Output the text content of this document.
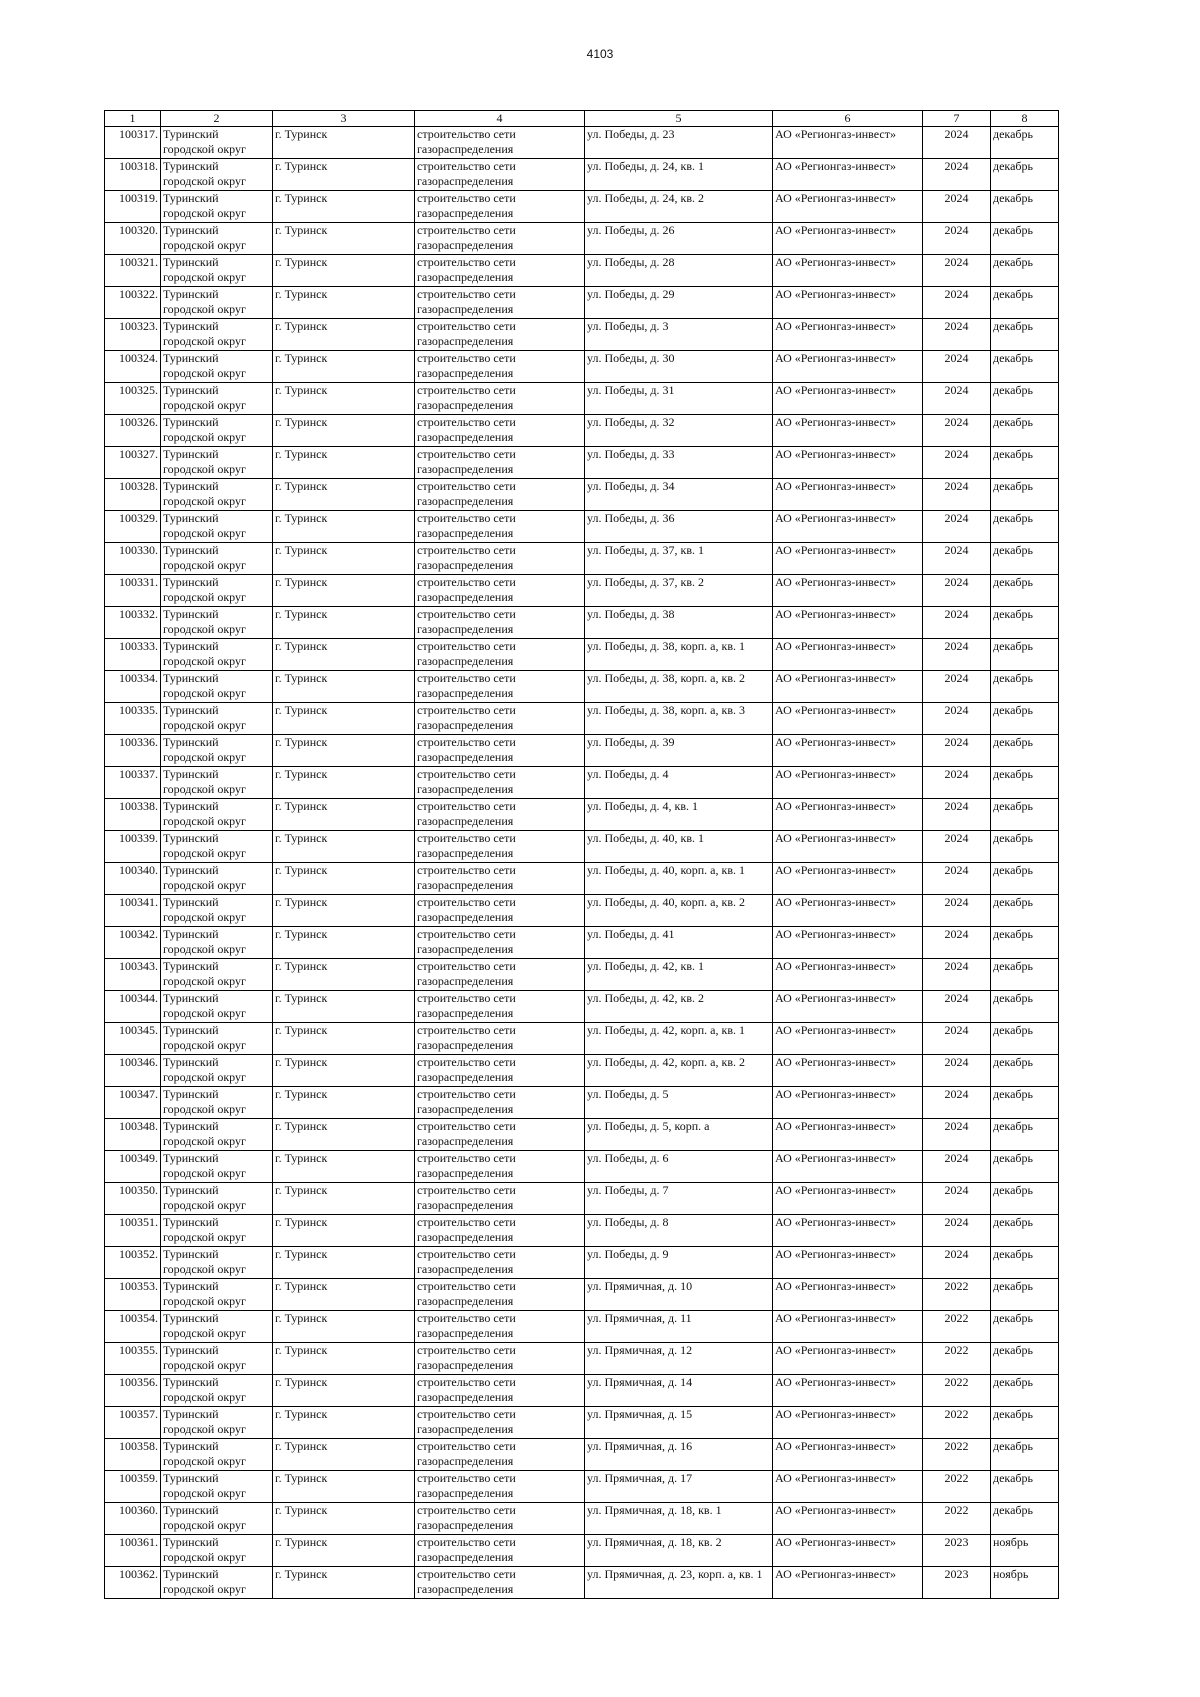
4103
1	2	3	4	5	6	7	8
100317.	Туринский городской округ	г. Туринск	строительство сети газораспределения	ул. Победы, д. 23	АО «Регионгаз-инвест»	2024	декабрь
100318.	Туринский городской округ	г. Туринск	строительство сети газораспределения	ул. Победы, д. 24, кв. 1	АО «Регионгаз-инвест»	2024	декабрь
100319.	Туринский городской округ	г. Туринск	строительство сети газораспределения	ул. Победы, д. 24, кв. 2	АО «Регионгаз-инвест»	2024	декабрь
100320.	Туринский городской округ	г. Туринск	строительство сети газораспределения	ул. Победы, д. 26	АО «Регионгаз-инвест»	2024	декабрь
100321.	Туринский городской округ	г. Туринск	строительство сети газораспределения	ул. Победы, д. 28	АО «Регионгаз-инвест»	2024	декабрь
100322.	Туринский городской округ	г. Туринск	строительство сети газораспределения	ул. Победы, д. 29	АО «Регионгаз-инвест»	2024	декабрь
100323.	Туринский городской округ	г. Туринск	строительство сети газораспределения	ул. Победы, д. 3	АО «Регионгаз-инвест»	2024	декабрь
100324.	Туринский городской округ	г. Туринск	строительство сети газораспределения	ул. Победы, д. 30	АО «Регионгаз-инвест»	2024	декабрь
100325.	Туринский городской округ	г. Туринск	строительство сети газораспределения	ул. Победы, д. 31	АО «Регионгаз-инвест»	2024	декабрь
100326.	Туринский городской округ	г. Туринск	строительство сети газораспределения	ул. Победы, д. 32	АО «Регионгаз-инвест»	2024	декабрь
100327.	Туринский городской округ	г. Туринск	строительство сети газораспределения	ул. Победы, д. 33	АО «Регионгаз-инвест»	2024	декабрь
100328.	Туринский городской округ	г. Туринск	строительство сети газораспределения	ул. Победы, д. 34	АО «Регионгаз-инвест»	2024	декабрь
100329.	Туринский городской округ	г. Туринск	строительство сети газораспределения	ул. Победы, д. 36	АО «Регионгаз-инвест»	2024	декабрь
100330.	Туринский городской округ	г. Туринск	строительство сети газораспределения	ул. Победы, д. 37, кв. 1	АО «Регионгаз-инвест»	2024	декабрь
100331.	Туринский городской округ	г. Туринск	строительство сети газораспределения	ул. Победы, д. 37, кв. 2	АО «Регионгаз-инвест»	2024	декабрь
100332.	Туринский городской округ	г. Туринск	строительство сети газораспределения	ул. Победы, д. 38	АО «Регионгаз-инвест»	2024	декабрь
100333.	Туринский городской округ	г. Туринск	строительство сети газораспределения	ул. Победы, д. 38, корп. а, кв. 1	АО «Регионгаз-инвест»	2024	декабрь
100334.	Туринский городской округ	г. Туринск	строительство сети газораспределения	ул. Победы, д. 38, корп. а, кв. 2	АО «Регионгаз-инвест»	2024	декабрь
100335.	Туринский городской округ	г. Туринск	строительство сети газораспределения	ул. Победы, д. 38, корп. а, кв. 3	АО «Регионгаз-инвест»	2024	декабрь
100336.	Туринский городской округ	г. Туринск	строительство сети газораспределения	ул. Победы, д. 39	АО «Регионгаз-инвест»	2024	декабрь
100337.	Туринский городской округ	г. Туринск	строительство сети газораспределения	ул. Победы, д. 4	АО «Регионгаз-инвест»	2024	декабрь
100338.	Туринский городской округ	г. Туринск	строительство сети газораспределения	ул. Победы, д. 4, кв. 1	АО «Регионгаз-инвест»	2024	декабрь
100339.	Туринский городской округ	г. Туринск	строительство сети газораспределения	ул. Победы, д. 40, кв. 1	АО «Регионгаз-инвест»	2024	декабрь
100340.	Туринский городской округ	г. Туринск	строительство сети газораспределения	ул. Победы, д. 40, корп. а, кв. 1	АО «Регионгаз-инвест»	2024	декабрь
100341.	Туринский городской округ	г. Туринск	строительство сети газораспределения	ул. Победы, д. 40, корп. а, кв. 2	АО «Регионгаз-инвест»	2024	декабрь
100342.	Туринский городской округ	г. Туринск	строительство сети газораспределения	ул. Победы, д. 41	АО «Регионгаз-инвест»	2024	декабрь
100343.	Туринский городской округ	г. Туринск	строительство сети газораспределения	ул. Победы, д. 42, кв. 1	АО «Регионгаз-инвест»	2024	декабрь
100344.	Туринский городской округ	г. Туринск	строительство сети газораспределения	ул. Победы, д. 42, кв. 2	АО «Регионгаз-инвест»	2024	декабрь
100345.	Туринский городской округ	г. Туринск	строительство сети газораспределения	ул. Победы, д. 42, корп. а, кв. 1	АО «Регионгаз-инвест»	2024	декабрь
100346.	Туринский городской округ	г. Туринск	строительство сети газораспределения	ул. Победы, д. 42, корп. а, кв. 2	АО «Регионгаз-инвест»	2024	декабрь
100347.	Туринский городской округ	г. Туринск	строительство сети газораспределения	ул. Победы, д. 5	АО «Регионгаз-инвест»	2024	декабрь
100348.	Туринский городской округ	г. Туринск	строительство сети газораспределения	ул. Победы, д. 5, корп. а	АО «Регионгаз-инвест»	2024	декабрь
100349.	Туринский городской округ	г. Туринск	строительство сети газораспределения	ул. Победы, д. 6	АО «Регионгаз-инвест»	2024	декабрь
100350.	Туринский городской округ	г. Туринск	строительство сети газораспределения	ул. Победы, д. 7	АО «Регионгаз-инвест»	2024	декабрь
100351.	Туринский городской округ	г. Туринск	строительство сети газораспределения	ул. Победы, д. 8	АО «Регионгаз-инвест»	2024	декабрь
100352.	Туринский городской округ	г. Туринск	строительство сети газораспределения	ул. Победы, д. 9	АО «Регионгаз-инвест»	2024	декабрь
100353.	Туринский городской округ	г. Туринск	строительство сети газораспределения	ул. Прямичная, д. 10	АО «Регионгаз-инвест»	2022	декабрь
100354.	Туринский городской округ	г. Туринск	строительство сети газораспределения	ул. Прямичная, д. 11	АО «Регионгаз-инвест»	2022	декабрь
100355.	Туринский городской округ	г. Туринск	строительство сети газораспределения	ул. Прямичная, д. 12	АО «Регионгаз-инвест»	2022	декабрь
100356.	Туринский городской округ	г. Туринск	строительство сети газораспределения	ул. Прямичная, д. 14	АО «Регионгаз-инвест»	2022	декабрь
100357.	Туринский городской округ	г. Туринск	строительство сети газораспределения	ул. Прямичная, д. 15	АО «Регионгаз-инвест»	2022	декабрь
100358.	Туринский городской округ	г. Туринск	строительство сети газораспределения	ул. Прямичная, д. 16	АО «Регионгаз-инвест»	2022	декабрь
100359.	Туринский городской округ	г. Туринск	строительство сети газораспределения	ул. Прямичная, д. 17	АО «Регионгаз-инвест»	2022	декабрь
100360.	Туринский городской округ	г. Туринск	строительство сети газораспределения	ул. Прямичная, д. 18, кв. 1	АО «Регионгаз-инвест»	2022	декабрь
100361.	Туринский городской округ	г. Туринск	строительство сети газораспределения	ул. Прямичная, д. 18, кв. 2	АО «Регионгаз-инвест»	2023	ноябрь
100362.	Туринский городской округ	г. Туринск	строительство сети газораспределения	ул. Прямичная, д. 23, корп. а, кв. 1	АО «Регионгаз-инвест»	2023	ноябрь
